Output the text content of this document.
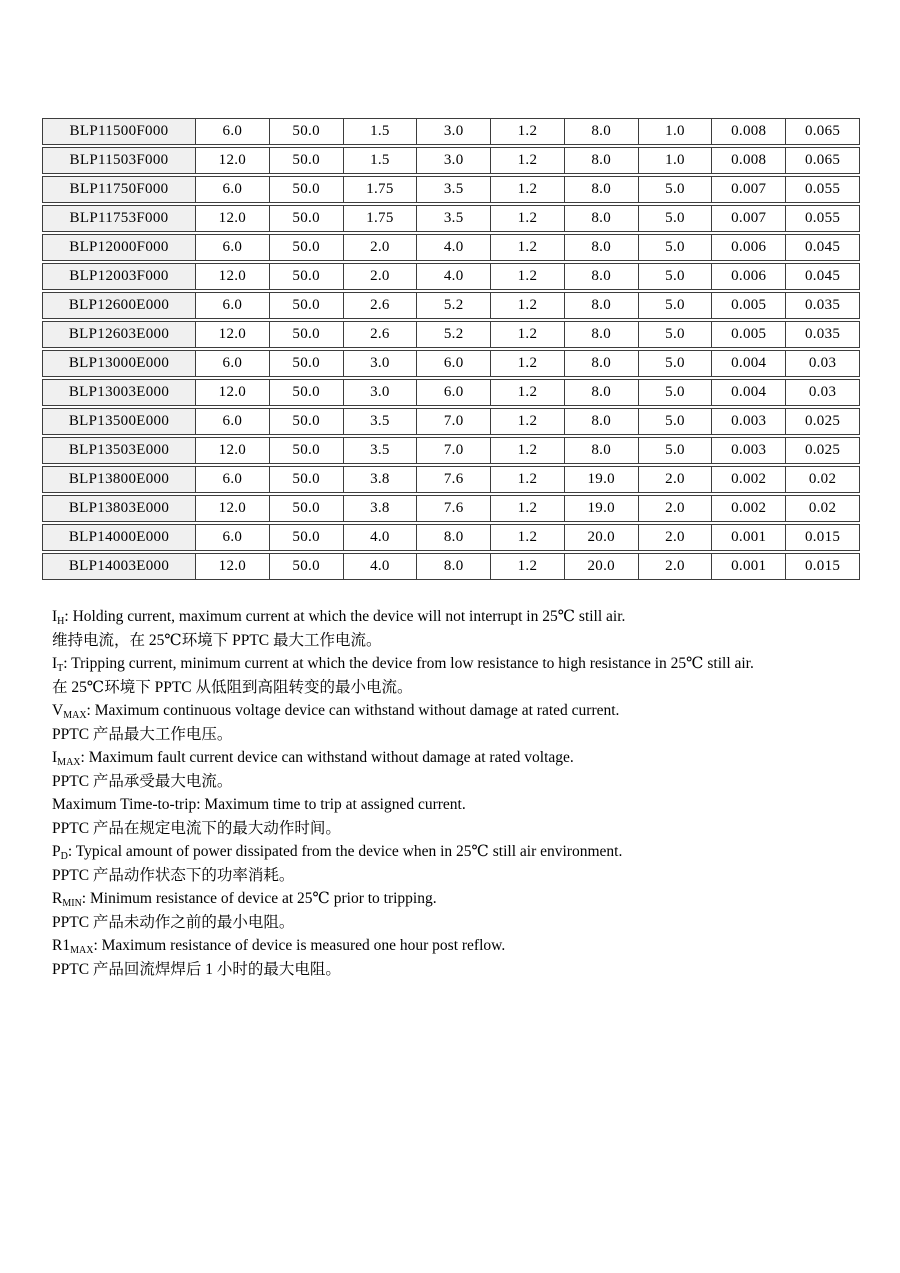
BLP11500F000	6.0	50.0	1.5	3.0	1.2	8.0	1.0	0.008	0.065
BLP11503F000	12.0	50.0	1.5	3.0	1.2	8.0	1.0	0.008	0.065
BLP11750F000	6.0	50.0	1.75	3.5	1.2	8.0	5.0	0.007	0.055
BLP11753F000	12.0	50.0	1.75	3.5	1.2	8.0	5.0	0.007	0.055
BLP12000F000	6.0	50.0	2.0	4.0	1.2	8.0	5.0	0.006	0.045
BLP12003F000	12.0	50.0	2.0	4.0	1.2	8.0	5.0	0.006	0.045
BLP12600E000	6.0	50.0	2.6	5.2	1.2	8.0	5.0	0.005	0.035
BLP12603E000	12.0	50.0	2.6	5.2	1.2	8.0	5.0	0.005	0.035
BLP13000E000	6.0	50.0	3.0	6.0	1.2	8.0	5.0	0.004	0.03
BLP13003E000	12.0	50.0	3.0	6.0	1.2	8.0	5.0	0.004	0.03
BLP13500E000	6.0	50.0	3.5	7.0	1.2	8.0	5.0	0.003	0.025
BLP13503E000	12.0	50.0	3.5	7.0	1.2	8.0	5.0	0.003	0.025
BLP13800E000	6.0	50.0	3.8	7.6	1.2	19.0	2.0	0.002	0.02
BLP13803E000	12.0	50.0	3.8	7.6	1.2	19.0	2.0	0.002	0.02
BLP14000E000	6.0	50.0	4.0	8.0	1.2	20.0	2.0	0.001	0.015
BLP14003E000	12.0	50.0	4.0	8.0	1.2	20.0	2.0	0.001	0.015

$I_H$: Holding current, maximum current at which the device will not interrupt in 25℃ still air.

维持电流，在 25℃环境下 PPTC 最大工作电流。

$I_T$: Tripping current, minimum current at which the device from low resistance to high resistance in 25℃ still air.

在 25℃环境下 PPTC 从低阻到高阻转变的最小电流。

$V_{MAX}$: Maximum continuous voltage device can withstand without damage at rated current.

PPTC 产品最大工作电压。

$I_{MAX}$: Maximum fault current device can withstand without damage at rated voltage.

PPTC 产品承受最大电流。

Maximum Time-to-trip: Maximum time to trip at assigned current.

PPTC 产品在规定电流下的最大动作时间。

$P_D$: Typical amount of power dissipated from the device when in 25℃ still air environment.

PPTC 产品动作状态下的功率消耗。

$R_{MIN}$: Minimum resistance of device at 25℃ prior to tripping.

PPTC 产品未动作之前的最小电阻。

$R1_{MAX}$: Maximum resistance of device is measured one hour post reflow.

PPTC 产品回流焊焊后 1 小时的最大电阻。
